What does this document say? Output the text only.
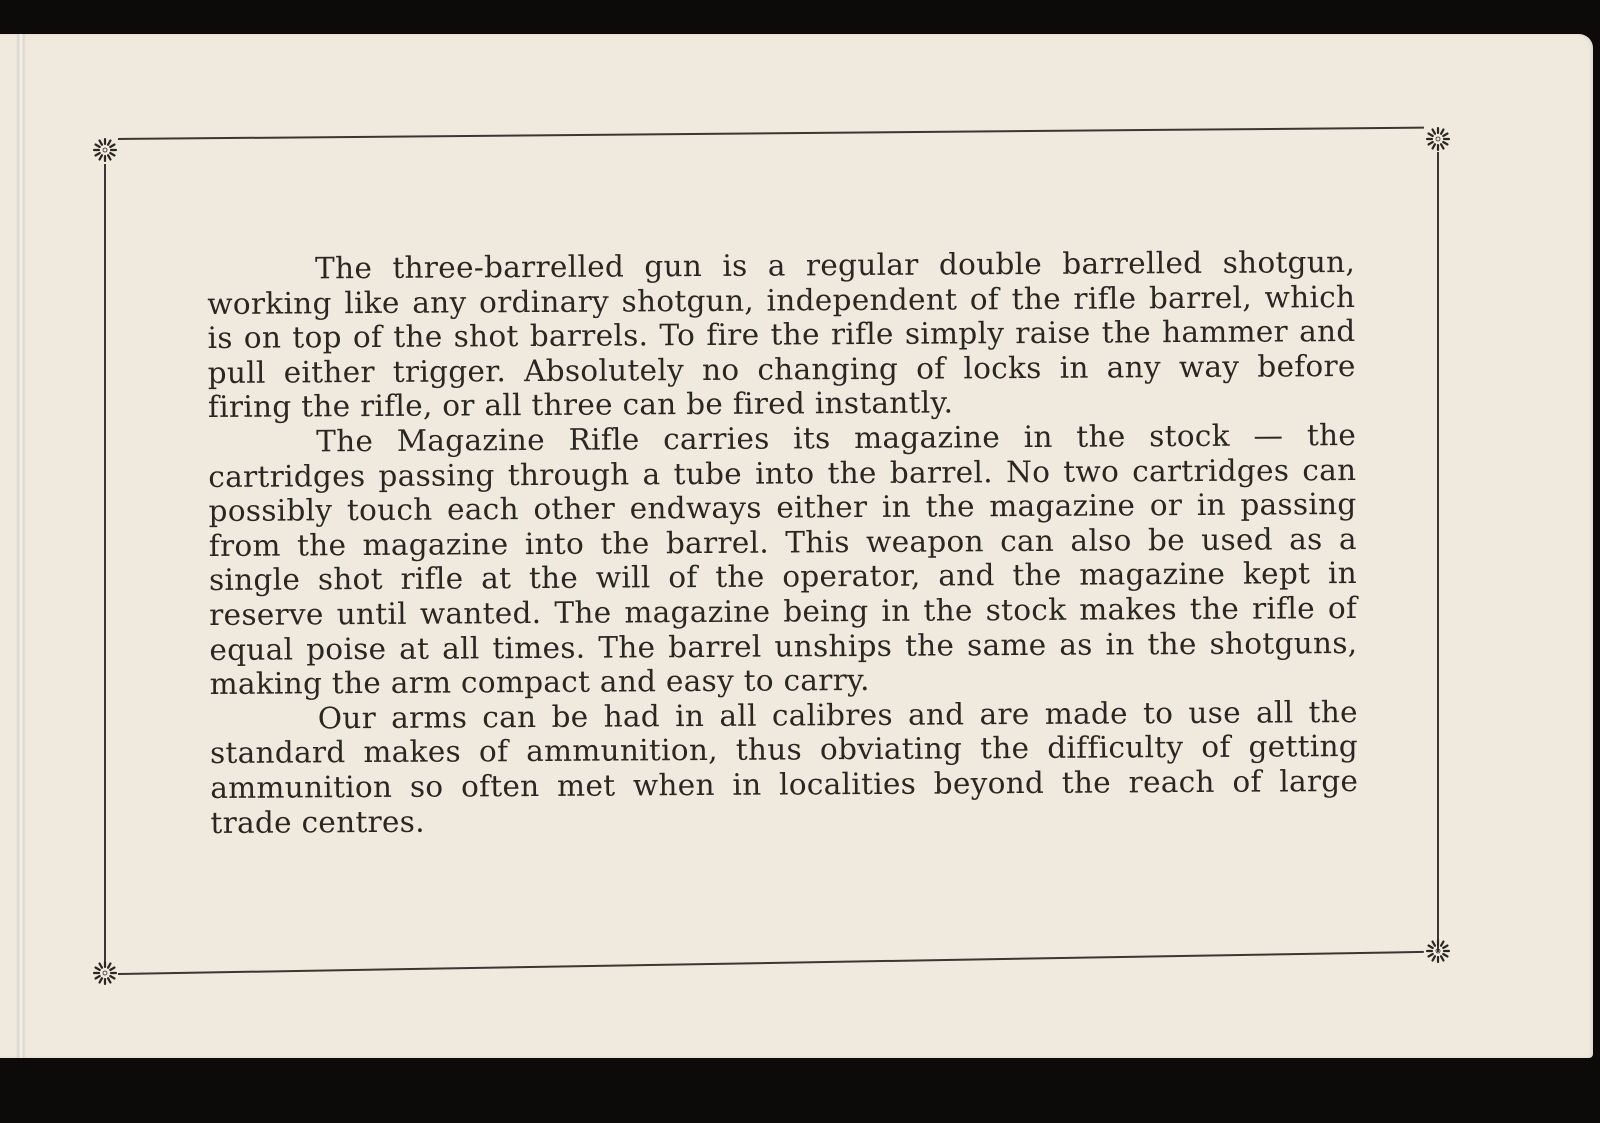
The three-barrelled gun is a regular double barrelled shotgun, working like any ordinary shotgun, independent of the rifle barrel, which is on top of the shot barrels. To fire the rifle simply raise the hammer and pull either trigger. Absolutely no changing of locks in any way before firing the rifle, or all three can be fired instantly.

The Magazine Rifle carries its magazine in the stock — the cartridges passing through a tube into the barrel. No two cartridges can possibly touch each other endways either in the magazine or in passing from the magazine into the barrel. This weapon can also be used as a single shot rifle at the will of the operator, and the magazine kept in reserve until wanted. The magazine being in the stock makes the rifle of equal poise at all times. The barrel unships the same as in the shotguns, making the arm compact and easy to carry.

Our arms can be had in all calibres and are made to use all the standard makes of ammunition, thus obviating the difficulty of getting ammunition so often met when in localities beyond the reach of large trade centres.
